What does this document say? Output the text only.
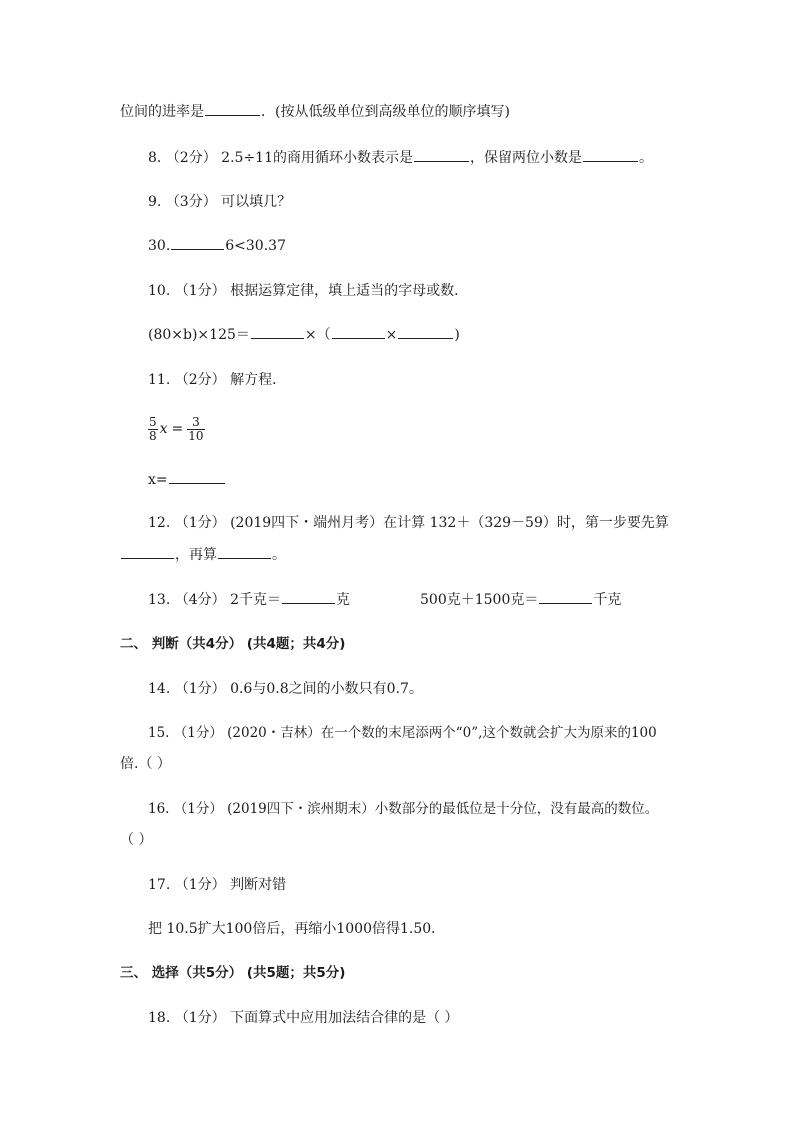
位间的进率是	．(按从低级单位到高级单位的顺序填写)
8. （2分） 2.5÷11的商用循环小数表示是	，保留两位小数是	。
9. （3分） 可以填几？
30.	6<30.37
10. （1分） 根据运算定律，填上适当的字母或数．
(80×b)×125＝	×（	×	)
11. （2分） 解方程．
$\frac{5}{8}$ $x = \frac{3}{10}$
x=
12. （1分） (2019四下・端州月考）在计算 132＋（329－59）时，第一步要先算
，再算	。
13. （4分） 2千克＝	克	500克＋1500克＝	千克
二、 判断（共4分） (共4题；共4分)
14. （1分） 0.6与0.8之间的小数只有0.7。
15. （1分） (2020・吉林）在一个数的末尾添两个“0”,这个数就会扩大为原来的100
倍.（ ）
16. （1分） (2019四下・滨州期末）小数部分的最低位是十分位，没有最高的数位。
（ ）
17. （1分） 判断对错
把 10.5扩大100倍后，再缩小1000倍得1.50．
三、 选择（共5分） (共5题；共5分)
18. （1分） 下面算式中应用加法结合律的是（ ）
